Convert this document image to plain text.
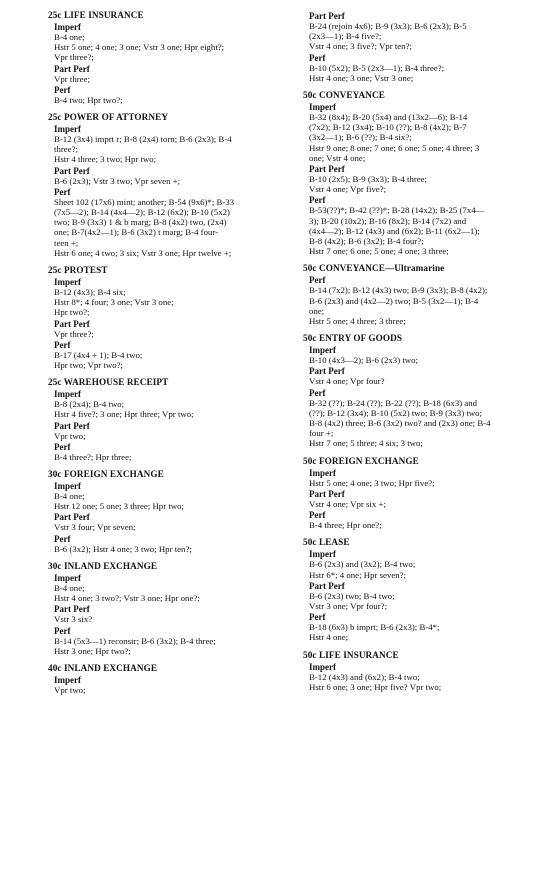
25c LIFE INSURANCE
Imperf
B-4 one;
Hstr 5 one; 4 one; 3 one; Vstr 3 one; Hpr eight?;
Vpr three?;
Part Perf
Vpr three;
Perf
B-4 two; Hpr two?;
25c POWER OF ATTORNEY
Imperf
B-12 (3x4) imprt r; B-8 (2x4) torn; B-6 (2x3); B-4
three?;
Hstr 4 three; 3 two; Hpr two;
Part Perf
B-6 (2x3); Vstr 3 two; Vpr seven +;
Perf
Sheet 102 (17x6) mint; another; B-54 (9x6)*; B-33
(7x5—2); B-14 (4x4—2); B-12 (6x2); B-10 (5x2)
two; B-9 (3x3) 1 & b marg; B-8 (4x2) two, (2x4)
one; B-7(4x2—1); B-6 (3x2) t marg; B-4 four-
teen +;
Hstr 6 one; 4 two; 3 six; Vstr 3 one; Hpr twelve +;
25c PROTEST
Imperf
B-12 (4x3); B-4 six;
Hstr 8*; 4 four; 3 one; Vstr 3 one;
Hpr two?;
Part Perf
Vpr three?;
Perf
B-17 (4x4 + 1); B-4 two;
Hpr two; Vpr two?;
25c WAREHOUSE RECEIPT
Imperf
B-8 (2x4); B-4 two;
Hstr 4 five?; 3 one; Hpr three; Vpr two;
Part Perf
Vpr two;
Perf
B-4 three?; Hpr three;
30c FOREIGN EXCHANGE
Imperf
B-4 one;
Hstr 12 one; 5 one; 3 three; Hpr two;
Part Perf
Vstr 3 four; Vpr seven;
Perf
B-6 (3x2); Hstr 4 one; 3 two; Hpr ten?;
30c INLAND EXCHANGE
Imperf
B-4 one;
Hstr 4 one; 3 two?; Vstr 3 one; Hpr one?;
Part Perf
Vstr 3 six?
Perf
B-14 (5x3—1) reconstr; B-6 (3x2); B-4 three;
Hstr 3 one; Hpr two?;
40c INLAND EXCHANGE
Imperf
Vpr two;
Part Perf
B-24 (rejoin 4x6); B-9 (3x3); B-6 (2x3); B-5
(2x3—1); B-4 five?;
Vstr 4 one; 3 five?; Vpr ten?;
Perf
B-10 (5x2); B-5 (2x3—1); B-4 three?;
Hstr 4 one; 3 one; Vstr 3 one;
50c CONVEYANCE
Imperf
B-32 (8x4); B-20 (5x4) and (13x2—6); B-14
(7x2); B-12 (3x4); B-10 (??); B-8 (4x2); B-7
(3x2—1); B-6 (??); B-4 six?;
Hstr 9 one; 8 one; 7 one; 6 one; 5 one; 4 three; 3
one; Vstr 4 one;
Part Perf
B-10 (2x5); B-9 (3x3); B-4 three;
Vstr 4 one; Vpr five?;
Perf
B-53(??)*; B-42 (??)*; B-28 (14x2); B-25 (7x4—
3); B-20 (10x2); B-16 (8x2); B-14 (7x2) and
(4x4—2); B-12 (4x3) and (6x2); B-11 (6x2—1);
B-8 (4x2); B-6 (3x2); B-4 four?;
Hstr 7 one; 6 one; 5 one; 4 one; 3 three;
50c CONVEYANCE—Ultramarine
Perf
B-14 (7x2); B-12 (4x3) two; B-9 (3x3); B-8 (4x2);
B-6 (2x3) and (4x2—2) two; B-5 (3x2—1); B-4
one;
Hstr 5 one; 4 three; 3 three;
50c ENTRY OF GOODS
Imperf
B-10 (4x3—2); B-6 (2x3) two;
Part Perf
Vstr 4 one; Vpr four?
Perf
B-32 (??); B-24 (??); B-22 (??); B-18 (6x3) and
(??); B-12 (3x4); B-10 (5x2) two; B-9 (3x3) two;
B-8 (4x2) three; B-6 (3x2) two? and (2x3) one; B-4
four +;
Hstr 7 one; 5 three; 4 six; 3 two;
50c FOREIGN EXCHANGE
Imperf
Hstr 5 one; 4 one; 3 two; Hpr five?;
Part Perf
Vstr 4 one; Vpr six +;
Perf
B-4 three; Hpr one?;
50c LEASE
Imperf
B-6 (2x3) and (3x2); B-4 two;
Hstr 6*; 4 one; Hpr seven?;
Part Perf
B-6 (2x3) two; B-4 two;
Vstr 3 one; Vpr four?;
Perf
B-18 (6x3) b imprt; B-6 (2x3); B-4*;
Hstr 4 one;
50c LIFE INSURANCE
Imperf
B-12 (4x3) and (6x2); B-4 two;
Hstr 6 one; 3 one; Hpr five? Vpr two;
